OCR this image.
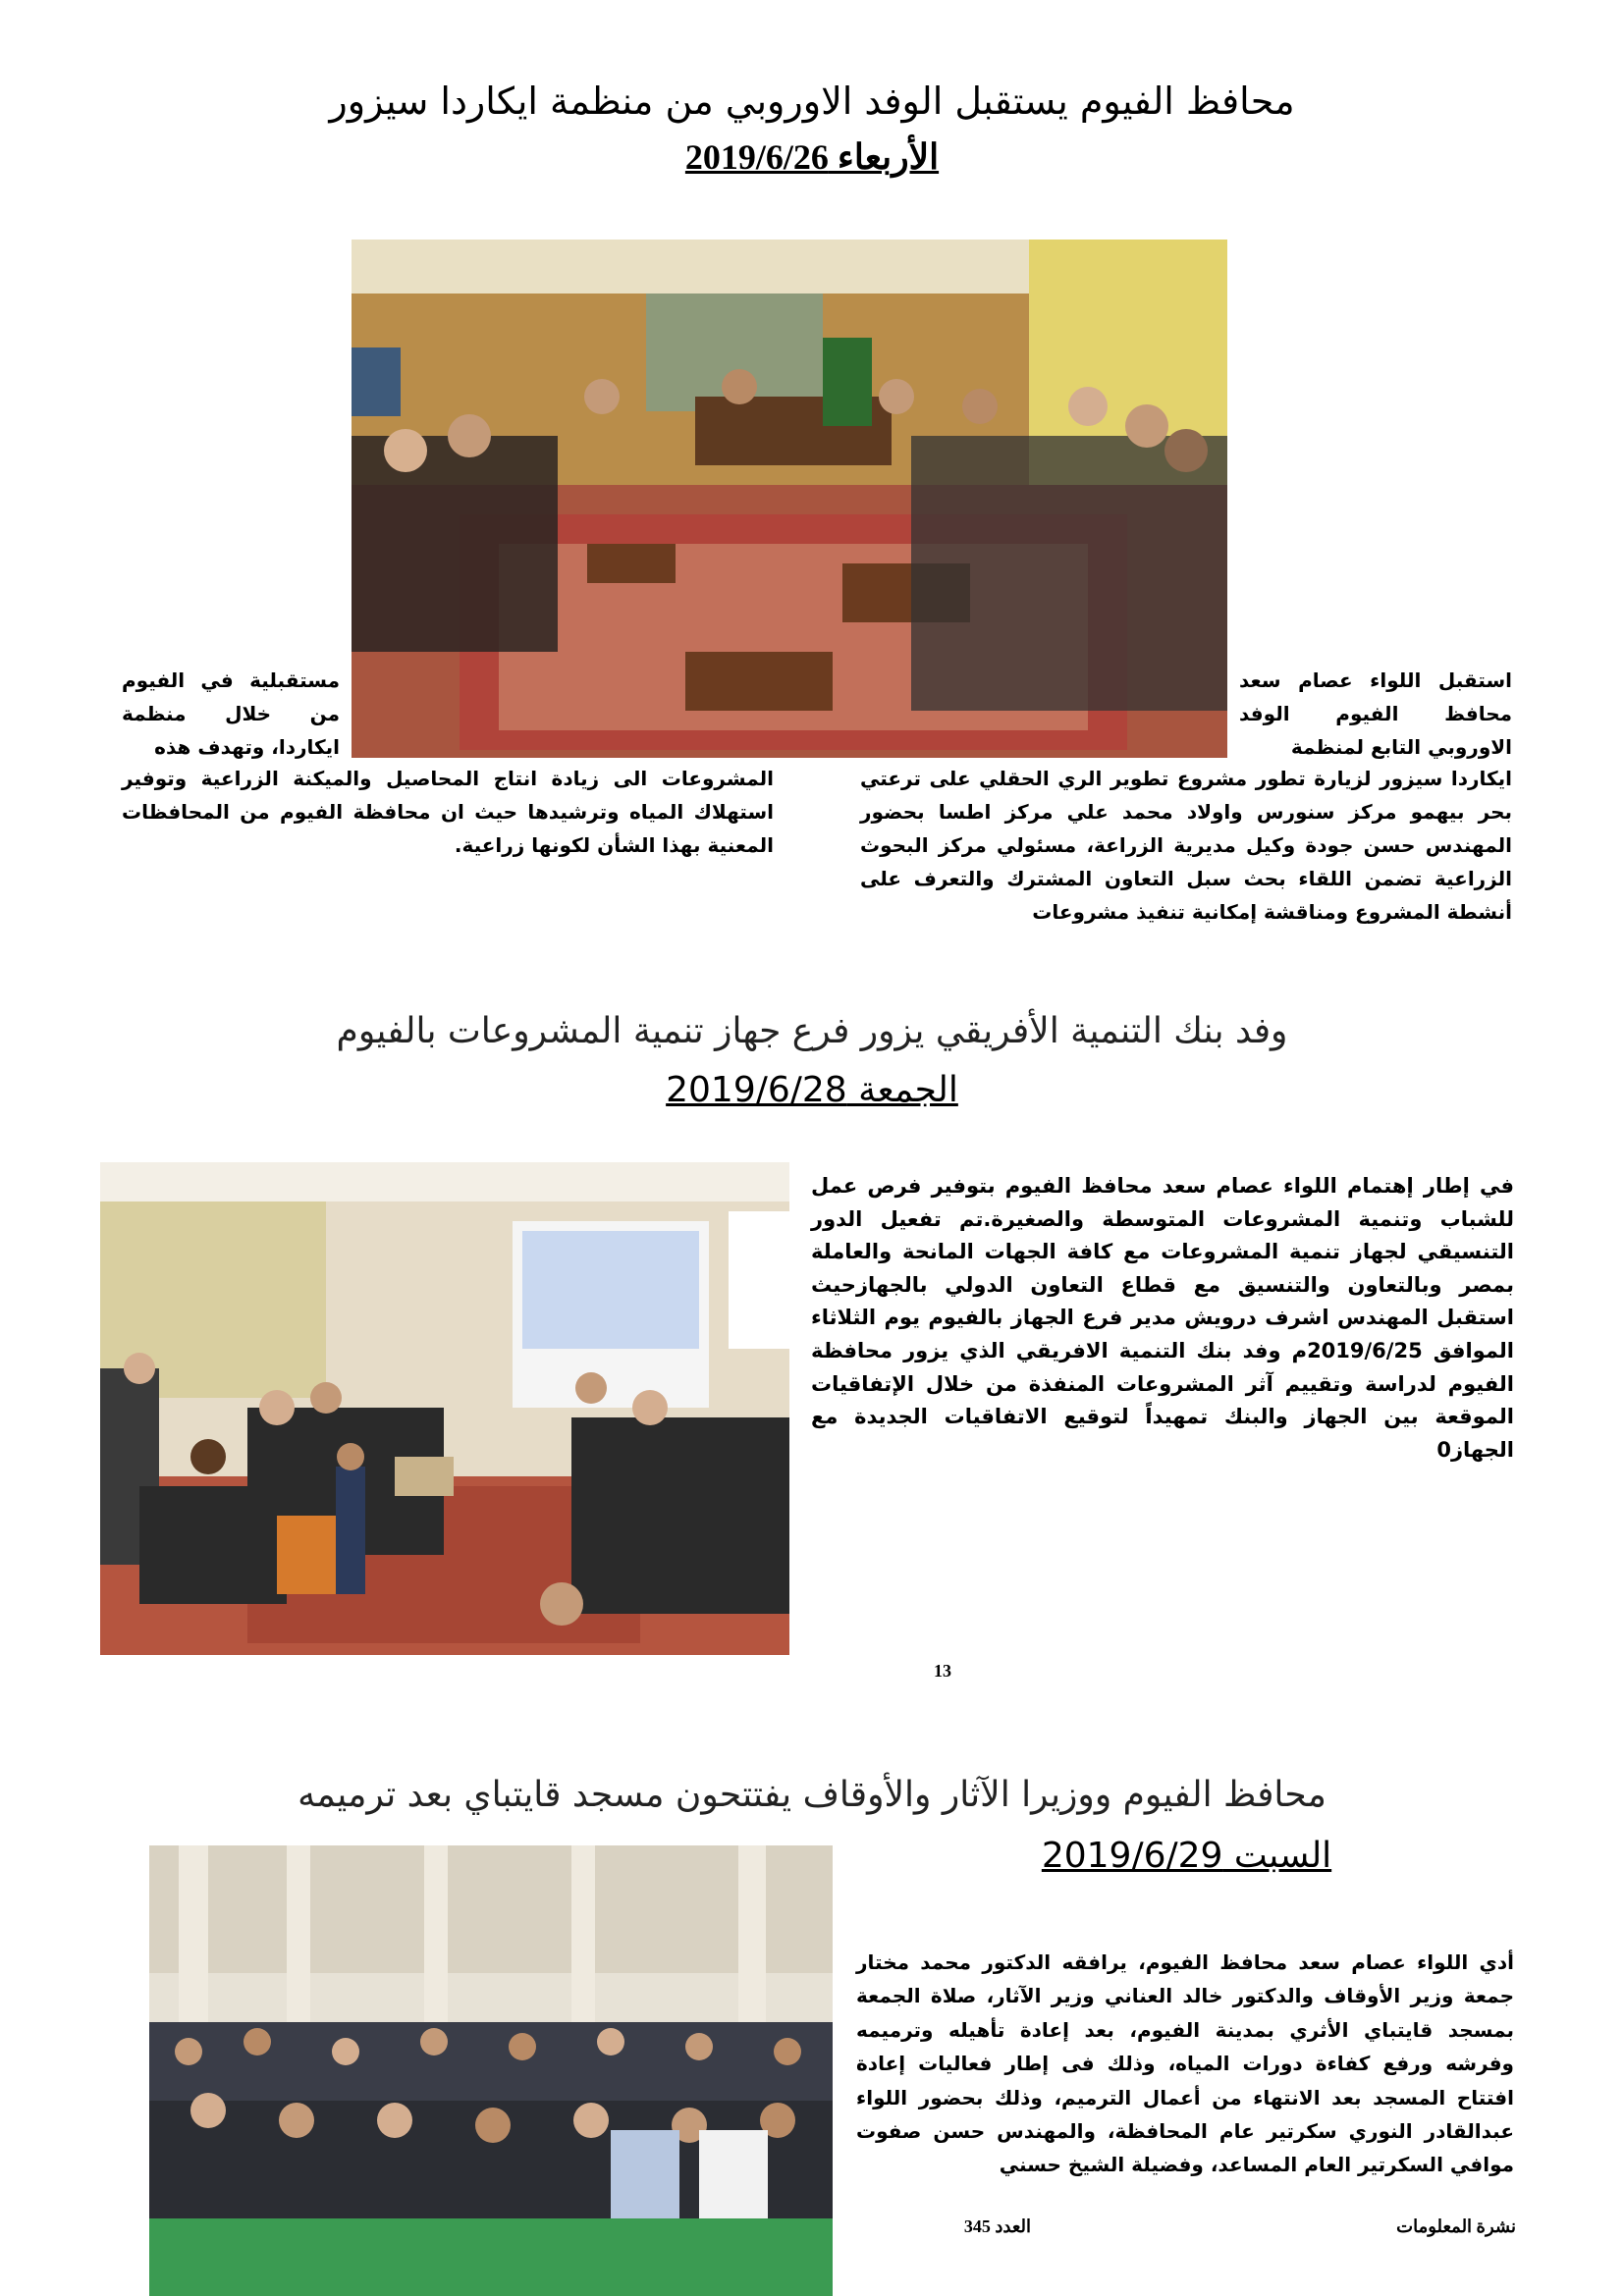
محافظ الفيوم يستقبل الوفد الاوروبي من منظمة ايكاردا سيزور
الأربعاء 2019/6/26
استقبل اللواء عصام سعد محافظ الفيوم الوفد الاوروبي التابع لمنظمة
مستقبلية في الفيوم من خلال منظمة ايكاردا، وتهدف هذه
ايكاردا سيزور لزيارة تطور مشروع تطوير الري الحقلي على ترعتي بحر بيهمو مركز سنورس واولاد محمد علي مركز اطسا بحضور المهندس حسن جودة وكيل مديرية الزراعة، مسئولي مركز البحوث الزراعية تضمن اللقاء بحث سبل التعاون المشترك والتعرف على أنشطة المشروع ومناقشة إمكانية تنفيذ مشروعات
المشروعات الى زيادة انتاج المحاصيل والميكنة الزراعية وتوفير استهلاك المياه وترشيدها حيث ان محافظة الفيوم من المحافظات المعنية بهذا الشأن لكونها زراعية.
وفد بنك التنمية الأفريقي يزور فرع جهاز تنمية المشروعات بالفيوم
الجمعة 2019/6/28
في إطار إهتمام اللواء عصام سعد محافظ الفيوم بتوفير فرص عمل للشباب وتنمية المشروعات المتوسطة والصغيرة.تم تفعيل الدور التنسيقي لجهاز تنمية المشروعات مع كافة الجهات المانحة والعاملة بمصر وبالتعاون والتنسيق مع قطاع التعاون الدولي بالجهازحيث استقبل المهندس اشرف درويش مدير فرع الجهاز بالفيوم يوم الثلاثاء الموافق 2019/6/25م وفد بنك التنمية الافريقي الذي يزور محافظة الفيوم لدراسة وتقييم آثر المشروعات المنفذة من خلال الإتفاقيات الموقعة بين الجهاز والبنك تمهيداً لتوقيع الاتفاقيات الجديدة مع الجهاز0
13
محافظ الفيوم ووزيرا الآثار والأوقاف يفتتحون مسجد قايتباي بعد ترميمه
السبت 2019/6/29
أدي اللواء عصام سعد محافظ الفيوم، يرافقه الدكتور محمد مختار جمعة وزير الأوقاف والدكتور خالد العناني وزير الآثار، صلاة الجمعة بمسجد قايتباي الأثري بمدينة الفيوم، بعد إعادة تأهيله وترميمه وفرشه ورفع كفاءة دورات المياه، وذلك فى إطار فعاليات إعادة افتتاح المسجد بعد الانتهاء من أعمال الترميم، وذلك بحضور اللواء عبدالقادر النوري سكرتير عام المحافظة، والمهندس حسن صفوت موافي السكرتير العام المساعد، وفضيلة الشيخ حسني
نشرة المعلومات
العدد 345
